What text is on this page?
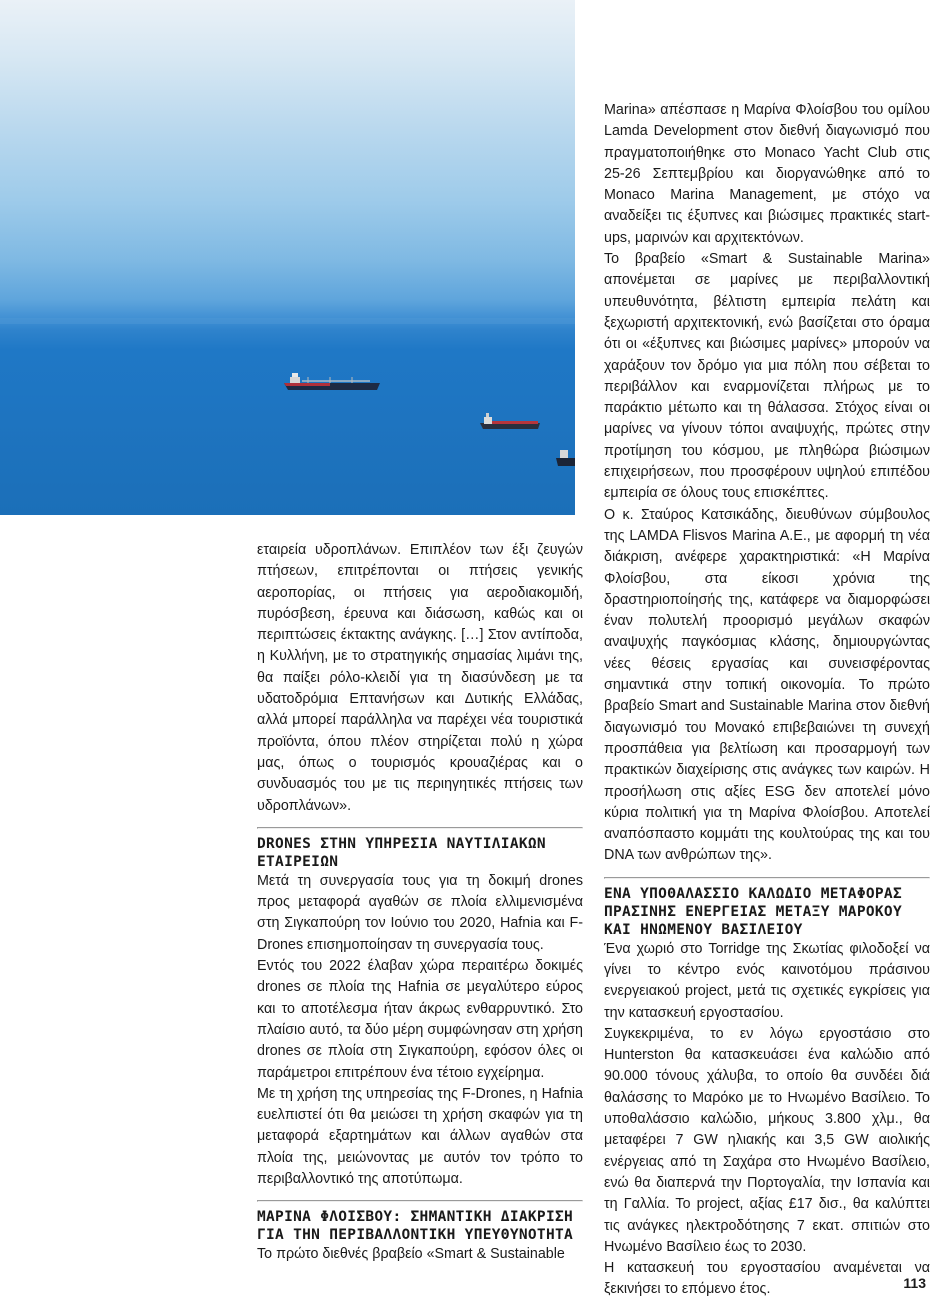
εταιρεία υδροπλάνων. Επιπλέον των έξι ζευγών πτήσεων, επιτρέπονται οι πτήσεις γενικής αεροπορίας, οι πτήσεις για αεροδιακομιδή, πυρόσβεση, έρευνα και διάσωση, καθώς και οι περιπτώσεις έκτακτης ανάγκης. […] Στον αντίποδα, η Κυλλήνη, με το στρατηγικής σημασίας λιμάνι της, θα παίξει ρόλο-κλειδί για τη διασύνδεση με τα υδατοδρόμια Επτανήσων και Δυτικής Ελλάδας, αλλά μπορεί παράλληλα να παρέχει νέα τουριστικά προϊόντα, όπου πλέον στηρίζεται πολύ η χώρα μας, όπως ο τουρισμός κρουαζιέρας και ο συνδυασμός του με τις περιηγητικές πτήσεις των υδροπλάνων».

DRONES ΣΤΗΝ ΥΠΗΡΕΣΙΑ ΝΑΥΤΙΛΙΑΚΩΝ ΕΤΑΙΡΕΙΩΝ

Μετά τη συνεργασία τους για τη δοκιμή drones προς μεταφορά αγαθών σε πλοία ελλιμενισμένα στη Σιγκαπούρη τον Ιούνιο του 2020, Hafnia και F-Drones επισημοποίησαν τη συνεργασία τους.

Εντός του 2022 έλαβαν χώρα περαιτέρω δοκιμές drones σε πλοία της Hafnia σε μεγαλύτερο εύρος και το αποτέλεσμα ήταν άκρως ενθαρρυντικό. Στο πλαίσιο αυτό, τα δύο μέρη συμφώνησαν στη χρήση drones σε πλοία στη Σιγκαπούρη, εφόσον όλες οι παράμετροι επιτρέπουν ένα τέτοιο εγχείρημα.

Με τη χρήση της υπηρεσίας της F-Drones, η Hafnia ευελπιστεί ότι θα μειώσει τη χρήση σκαφών για τη μεταφορά εξαρτημάτων και άλλων αγαθών στα πλοία της, μειώνοντας με αυτόν τον τρόπο το περιβαλλοντικό της αποτύπωμα.

ΜΑΡΙΝΑ ΦΛΟΙΣΒΟΥ: ΣΗΜΑΝΤΙΚΗ ΔΙΑΚΡΙΣΗ ΓΙΑ ΤΗΝ ΠΕΡΙΒΑΛΛΟΝΤΙΚΗ ΥΠΕΥΘΥΝΟΤΗΤΑ

Το πρώτο διεθνές βραβείο «Smart & Sustainable

Marina» απέσπασε η Μαρίνα Φλοίσβου του ομίλου Lamda Development στον διεθνή διαγωνισμό που πραγματοποιήθηκε στο Monaco Yacht Club στις 25-26 Σεπτεμβρίου και διοργανώθηκε από το Monaco Marina Management, με στόχο να αναδείξει τις έξυπνες και βιώσιμες πρακτικές start-ups, μαρινών και αρχιτεκτόνων.

Το βραβείο «Smart & Sustainable Marina» απονέμεται σε μαρίνες με περιβαλλοντική υπευθυνότητα, βέλτιστη εμπειρία πελάτη και ξεχωριστή αρχιτεκτονική, ενώ βασίζεται στο όραμα ότι οι «έξυπνες και βιώσιμες μαρίνες» μπορούν να χαράξουν τον δρόμο για μια πόλη που σέβεται το περιβάλλον και εναρμονίζεται πλήρως με το παράκτιο μέτωπο και τη θάλασσα. Στόχος είναι οι μαρίνες να γίνουν τόποι αναψυχής, πρώτες στην προτίμηση του κόσμου, με πληθώρα βιώσιμων επιχειρήσεων, που προσφέρουν υψηλού επιπέδου εμπειρία σε όλους τους επισκέπτες.

Ο κ. Σταύρος Κατσικάδης, διευθύνων σύμβουλος της LAMDA Flisvos Marina A.E., με αφορμή τη νέα διάκριση, ανέφερε χαρακτηριστικά: «Η Μαρίνα Φλοίσβου, στα είκοσι χρόνια της δραστηριοποίησής της, κατάφερε να διαμορφώσει έναν πολυτελή προορισμό μεγάλων σκαφών αναψυχής παγκόσμιας κλάσης, δημιουργώντας νέες θέσεις εργασίας και συνεισφέροντας σημαντικά στην τοπική οικονομία. Το πρώτο βραβείο Smart and Sustainable Marina στον διεθνή διαγωνισμό του Μονακό επιβεβαιώνει τη συνεχή προσπάθεια για βελτίωση και προσαρμογή των πρακτικών διαχείρισης στις ανάγκες των καιρών. Η προσήλωση στις αξίες ESG δεν αποτελεί μόνο κύρια πολιτική για τη Μαρίνα Φλοίσβου. Αποτελεί αναπόσπαστο κομμάτι της κουλτούρας της και του DNA των ανθρώπων της».

ΕΝΑ ΥΠΟΘΑΛΑΣΣΙΟ ΚΑΛΩΔΙΟ ΜΕΤΑΦΟΡΑΣ ΠΡΑΣΙΝΗΣ ΕΝΕΡΓΕΙΑΣ ΜΕΤΑΞΥ ΜΑΡΟΚΟΥ ΚΑΙ ΗΝΩΜΕΝΟΥ ΒΑΣΙΛΕΙΟΥ

Ένα χωριό στο Torridge της Σκωτίας φιλοδοξεί να γίνει το κέντρο ενός καινοτόμου πράσινου ενεργειακού project, μετά τις σχετικές εγκρίσεις για την κατασκευή εργοστασίου.

Συγκεκριμένα, το εν λόγω εργοστάσιο στο Hunterston θα κατασκευάσει ένα καλώδιο από 90.000 τόνους χάλυβα, το οποίο θα συνδέει διά θαλάσσης το Μαρόκο με το Ηνωμένο Βασίλειο. Το υποθαλάσσιο καλώδιο, μήκους 3.800 χλμ., θα μεταφέρει 7 GW ηλιακής και 3,5 GW αιολικής ενέργειας από τη Σαχάρα στο Ηνωμένο Βασίλειο, ενώ θα διαπερνά την Πορτογαλία, την Ισπανία και τη Γαλλία. Το project, αξίας £17 δισ., θα καλύπτει τις ανάγκες ηλεκτροδότησης 7 εκατ. σπιτιών στο Ηνωμένο Βασίλειο έως το 2030.

Η κατασκευή του εργοστασίου αναμένεται να ξεκινήσει το επόμενο έτος.	113
